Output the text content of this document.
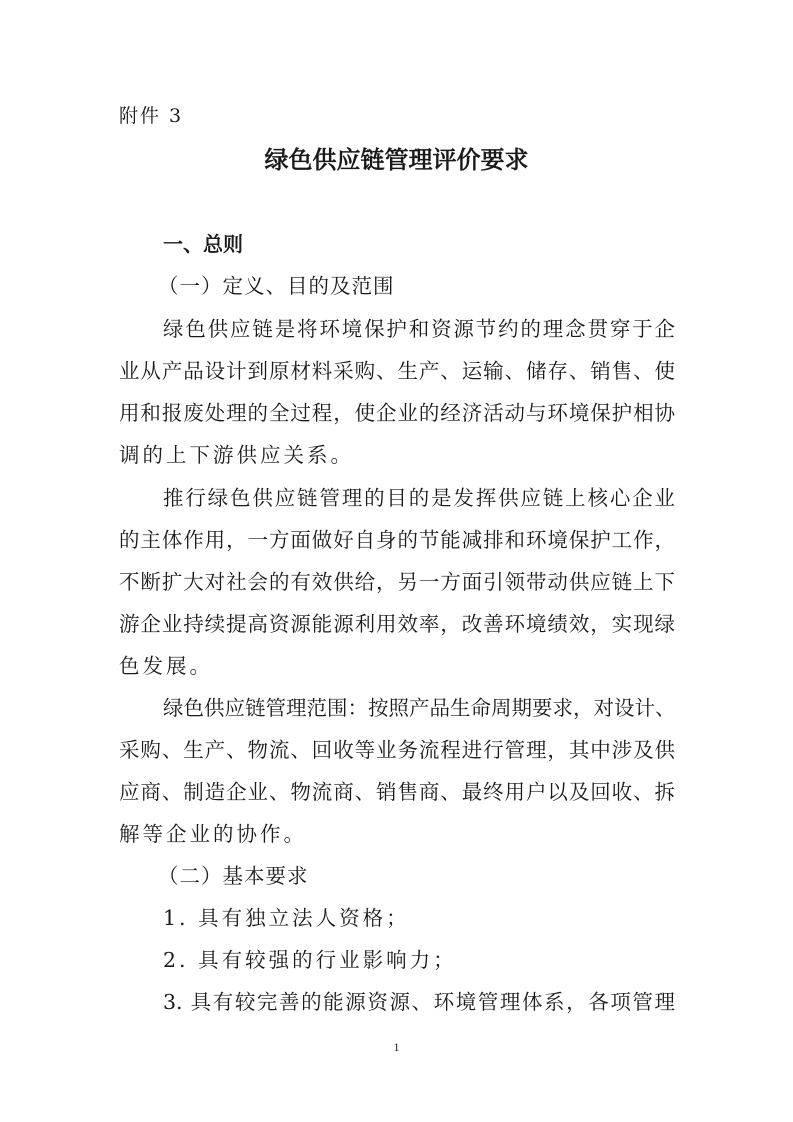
附件 3
绿色供应链管理评价要求
一、总则
（一）定义、目的及范围
绿色供应链是将环境保护和资源节约的理念贯穿于企
业从产品设计到原材料采购、生产、运输、储存、销售、使
用和报废处理的全过程，使企业的经济活动与环境保护相协
调的上下游供应关系。
推行绿色供应链管理的目的是发挥供应链上核心企业
的主体作用，一方面做好自身的节能减排和环境保护工作，
不断扩大对社会的有效供给，另一方面引领带动供应链上下
游企业持续提高资源能源利用效率，改善环境绩效，实现绿
色发展。
绿色供应链管理范围：按照产品生命周期要求，对设计、
采购、生产、物流、回收等业务流程进行管理，其中涉及供
应商、制造企业、物流商、销售商、最终用户以及回收、拆
解等企业的协作。
（二）基本要求
1. 具有独立法人资格；
2. 具有较强的行业影响力；
3. 具有较完善的能源资源、环境管理体系，各项管理
1
